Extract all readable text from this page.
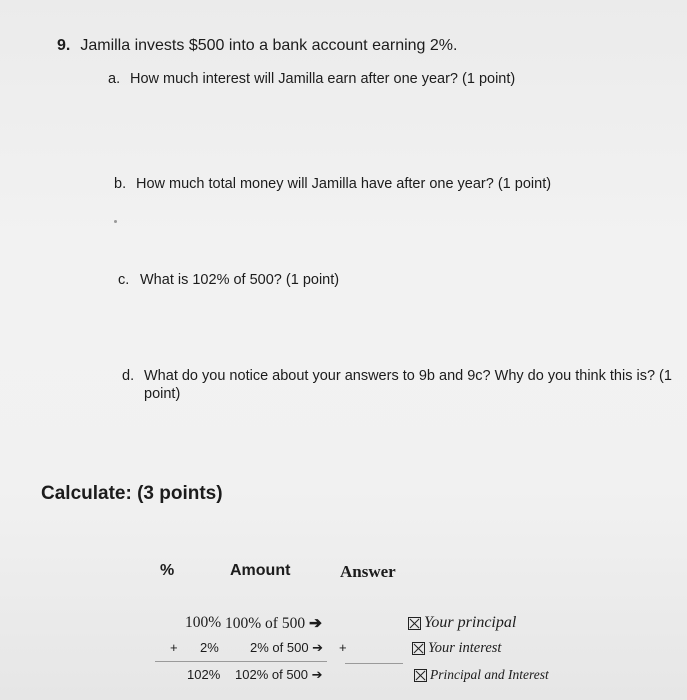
9. Jamilla invests $500 into a bank account earning 2%.
a. How much interest will Jamilla earn after one year? (1 point)
b. How much total money will Jamilla have after one year? (1 point)
c. What is 102% of 500? (1 point)
d. What do you notice about your answers to 9b and 9c? Why do you think this is? (1 point)
Calculate: (3 points)
%	Amount	Answer
100% 100% of 500 ➔	Your principal
+ 2% 2% of 500 ➔ +	Your interest
102% 102% of 500 ➔	Principal and Interest
